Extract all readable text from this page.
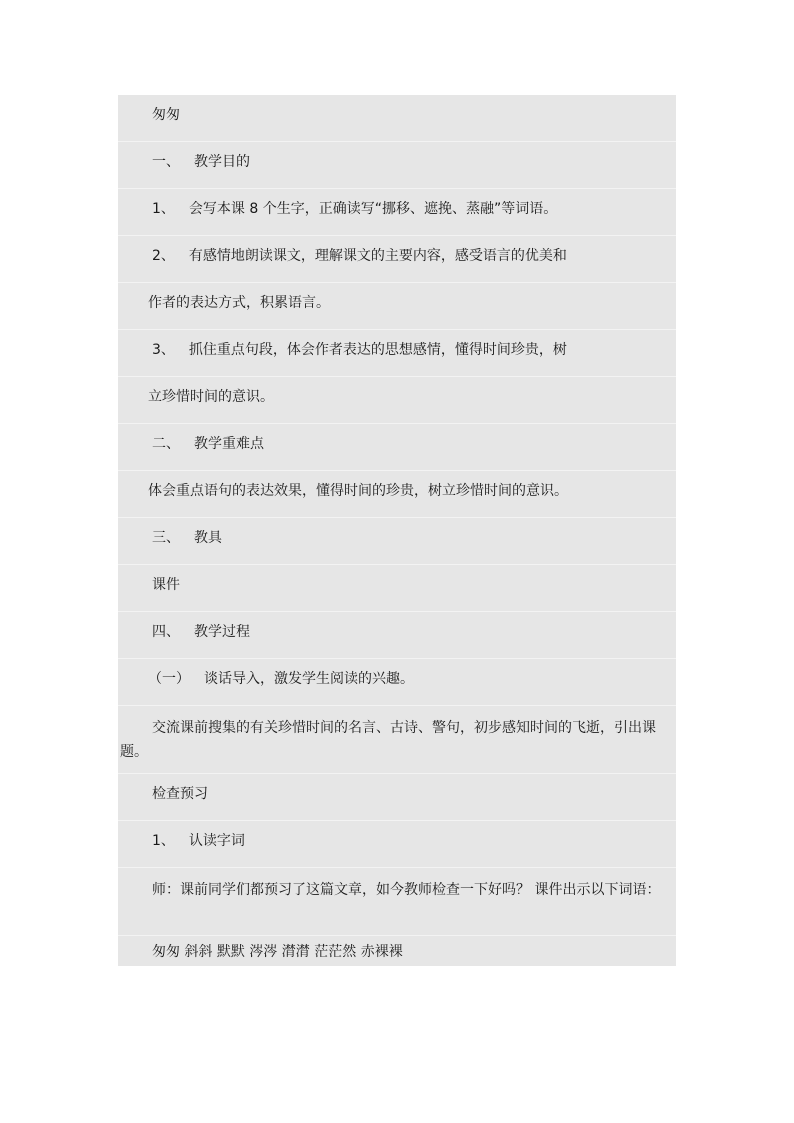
匆匆
一、 教学目的
1、 会写本课 8 个生字，正确读写“挪移、遮挽、蒸融”等词语。
2、 有感情地朗读课文，理解课文的主要内容，感受语言的优美和
作者的表达方式，积累语言。
3、 抓住重点句段，体会作者表达的思想感情，懂得时间珍贵，树
立珍惜时间的意识。
二、 教学重难点
体会重点语句的表达效果，懂得时间的珍贵，树立珍惜时间的意识。
三、 教具
课件
四、 教学过程
（一） 谈话导入，激发学生阅读的兴趣。
交流课前搜集的有关珍惜时间的名言、古诗、警句，初步感知时间的飞逝，引出课题。
检查预习
1、 认读字词
师：课前同学们都预习了这篇文章，如今教师检查一下好吗？ 课件出示以下词语：
匆匆 斜斜 默默 涔涔 潸潸 茫茫然 赤裸裸
